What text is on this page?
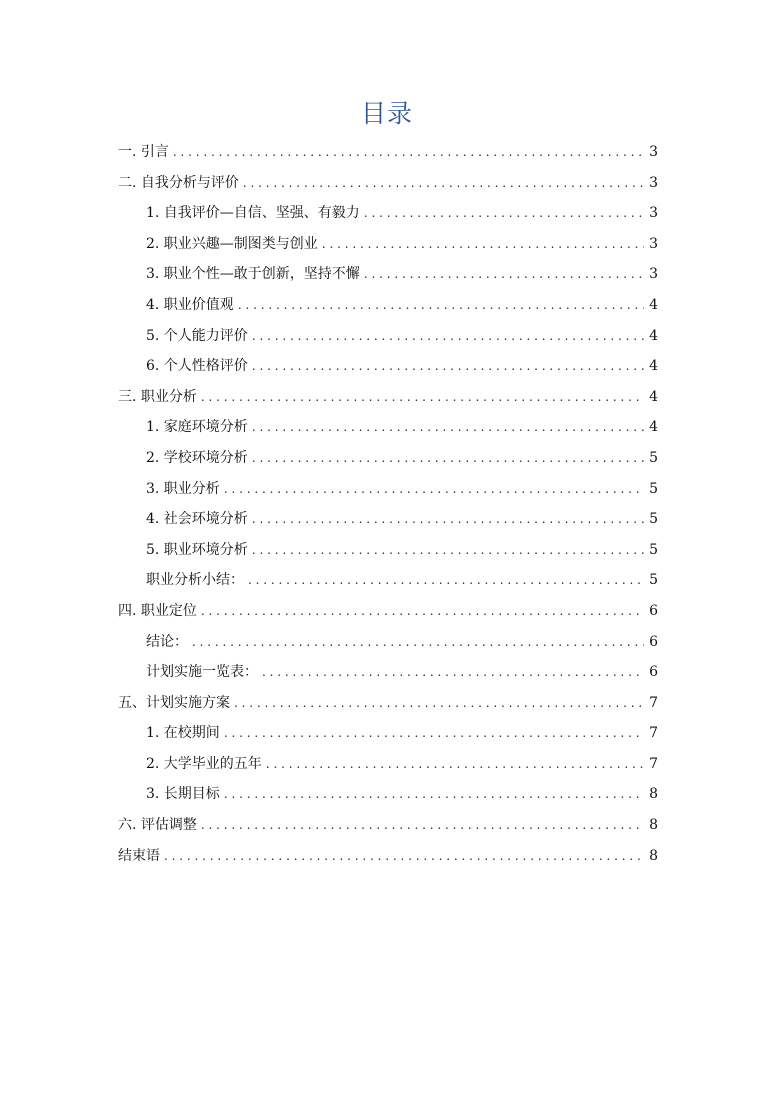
目录
一. 引言 . . .	3
二. 自我分析与评价 . . .	3
1. 自我评价—自信、坚强、有毅力 . . .	3
2. 职业兴趣—制图类与创业 . . .	3
3. 职业个性—敢于创新，坚持不懈 . . .	3
4. 职业价值观 . . .	4
5. 个人能力评价 . . .	4
6. 个人性格评价 . . .	4
三. 职业分析 . . .	4
1. 家庭环境分析 . . .	4
2. 学校环境分析 . . .	5
3. 职业分析 . . .	5
4. 社会环境分析 . . .	5
5. 职业环境分析 . . .	5
职业分析小结： . . .	5
四. 职业定位 . . .	6
结论： . . .	6
计划实施一览表： . . .	6
五、计划实施方案 . . .	7
1. 在校期间 . . .	7
2. 大学毕业的五年 . . .	7
3. 长期目标 . . .	8
六. 评估调整 . . .	8
结束语 . . .	8
